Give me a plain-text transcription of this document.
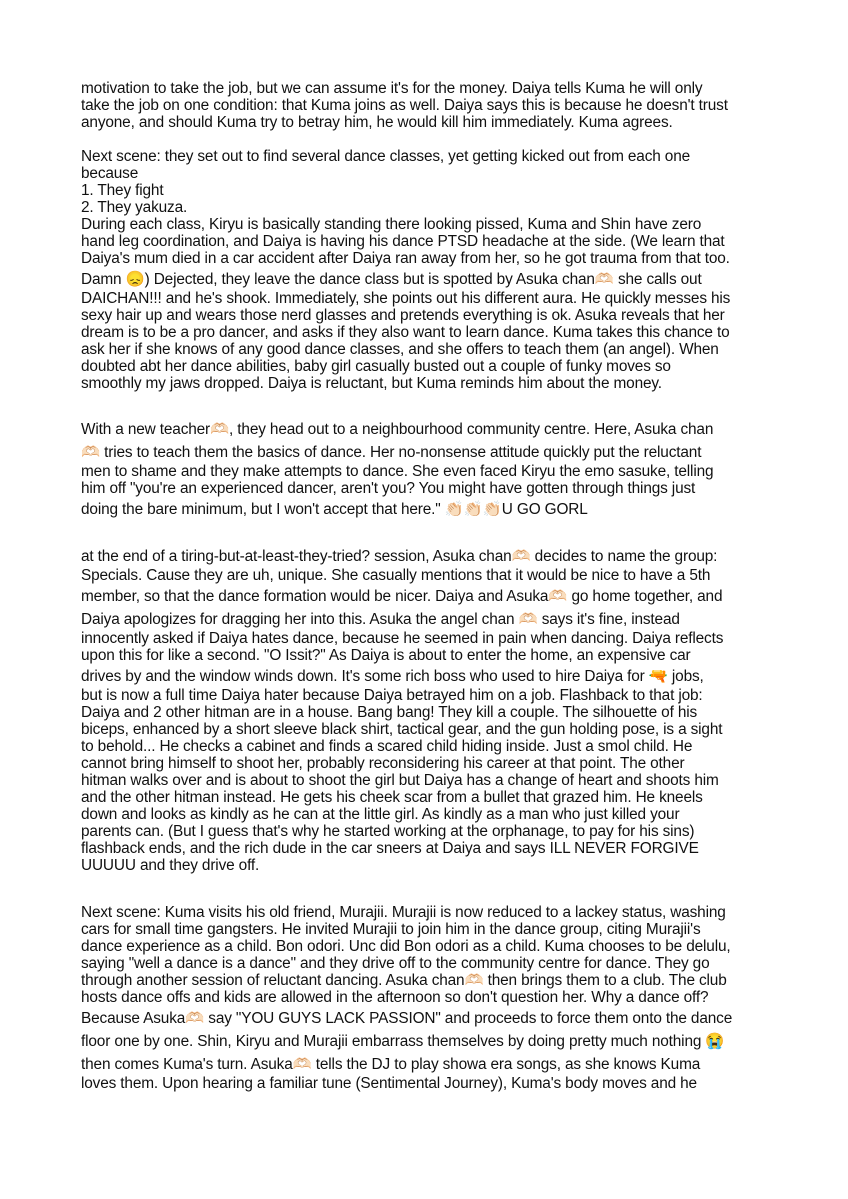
motivation to take the job, but we can assume it's for the money. Daiya tells Kuma he will only
take the job on one condition: that Kuma joins as well. Daiya says this is because he doesn't trust
anyone, and should Kuma try to betray him, he would kill him immediately. Kuma agrees.
Next scene: they set out to find several dance classes, yet getting kicked out from each one
because
1. They fight
2. They yakuza.
During each class, Kiryu is basically standing there looking pissed, Kuma and Shin have zero
hand leg coordination, and Daiya is having his dance PTSD headache at the side. (We learn that
Daiya's mum died in a car accident after Daiya ran away from her, so he got trauma from that too.
Damn 😞) Dejected, they leave the dance class but is spotted by Asuka chan🫶🏻 she calls out
DAICHAN!!! and he's shook. Immediately, she points out his different aura. He quickly messes his
sexy hair up and wears those nerd glasses and pretends everything is ok. Asuka reveals that her
dream is to be a pro dancer, and asks if they also want to learn dance. Kuma takes this chance to
ask her if she knows of any good dance classes, and she offers to teach them (an angel). When
doubted abt her dance abilities, baby girl casually busted out a couple of funky moves so
smoothly my jaws dropped. Daiya is reluctant, but Kuma reminds him about the money.
With a new teacher🫶🏻, they head out to a neighbourhood community centre. Here, Asuka chan
🫶🏻 tries to teach them the basics of dance. Her no-nonsense attitude quickly put the reluctant
men to shame and they make attempts to dance. She even faced Kiryu the emo sasuke, telling
him off "you're an experienced dancer, aren't you? You might have gotten through things just
doing the bare minimum, but I won't accept that here." 👏🏻👏🏻👏🏻U GO GORL
at the end of a tiring-but-at-least-they-tried? session, Asuka chan🫶🏻 decides to name the group:
Specials. Cause they are uh, unique. She casually mentions that it would be nice to have a 5th
member, so that the dance formation would be nicer. Daiya and Asuka🫶🏻 go home together, and
Daiya apologizes for dragging her into this. Asuka the angel chan 🫶🏻 says it's fine, instead
innocently asked if Daiya hates dance, because he seemed in pain when dancing. Daiya reflects
upon this for like a second. "O Issit?" As Daiya is about to enter the home, an expensive car
drives by and the window winds down. It's some rich boss who used to hire Daiya for 🔫 jobs,
but is now a full time Daiya hater because Daiya betrayed him on a job. Flashback to that job:
Daiya and 2 other hitman are in a house. Bang bang! They kill a couple. The silhouette of his
biceps, enhanced by a short sleeve black shirt, tactical gear, and the gun holding pose, is a sight
to behold... He checks a cabinet and finds a scared child hiding inside. Just a smol child. He
cannot bring himself to shoot her, probably reconsidering his career at that point. The other
hitman walks over and is about to shoot the girl but Daiya has a change of heart and shoots him
and the other hitman instead. He gets his cheek scar from a bullet that grazed him. He kneels
down and looks as kindly as he can at the little girl. As kindly as a man who just killed your
parents can. (But I guess that's why he started working at the orphanage, to pay for his sins)
flashback ends, and the rich dude in the car sneers at Daiya and says ILL NEVER FORGIVE
UUUUU and they drive off.
Next scene: Kuma visits his old friend, Murajii. Murajii is now reduced to a lackey status, washing
cars for small time gangsters. He invited Murajii to join him in the dance group, citing Murajii's
dance experience as a child. Bon odori. Unc did Bon odori as a child. Kuma chooses to be delulu,
saying "well a dance is a dance" and they drive off to the community centre for dance. They go
through another session of reluctant dancing. Asuka chan🫶🏻 then brings them to a club. The club
hosts dance offs and kids are allowed in the afternoon so don't question her. Why a dance off?
Because Asuka🫶🏻 say "YOU GUYS LACK PASSION" and proceeds to force them onto the dance
floor one by one. Shin, Kiryu and Murajii embarrass themselves by doing pretty much nothing 😭
then comes Kuma's turn. Asuka🫶🏻 tells the DJ to play showa era songs, as she knows Kuma
loves them. Upon hearing a familiar tune (Sentimental Journey), Kuma's body moves and he
